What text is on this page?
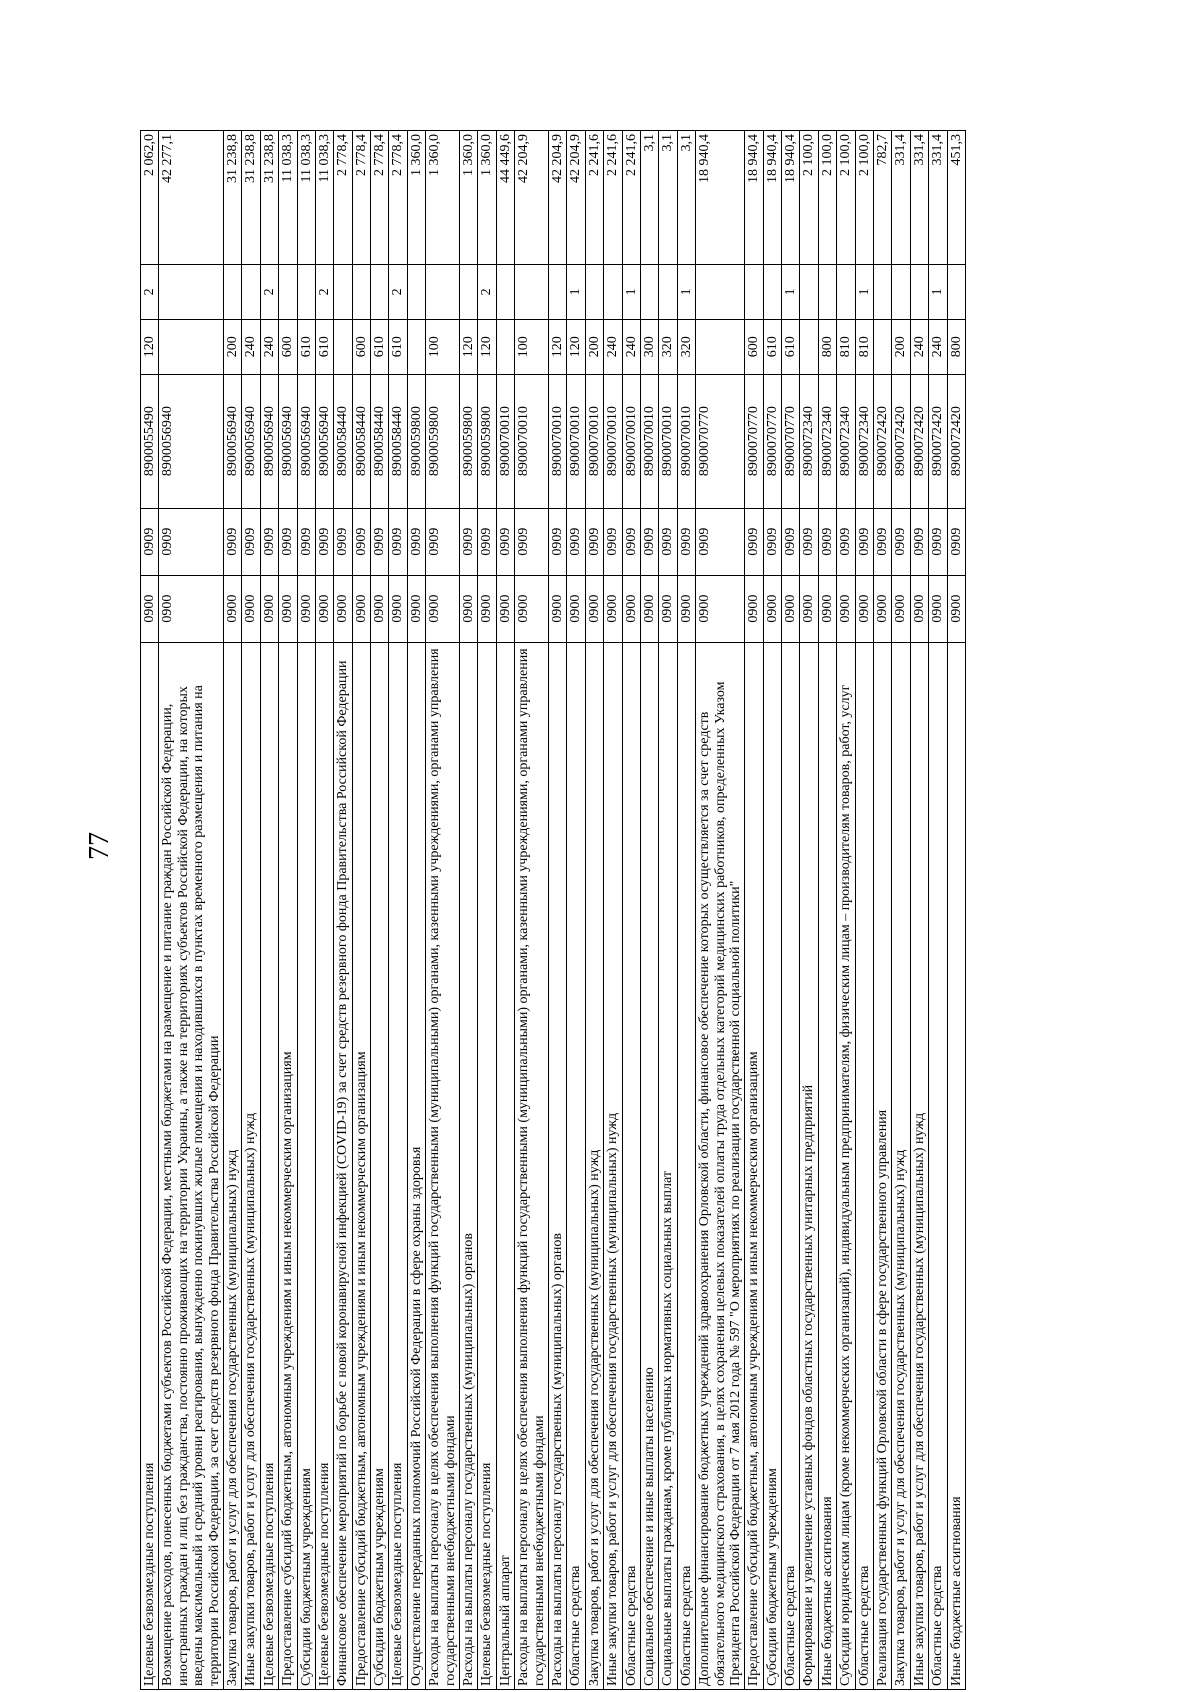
77
Целевые безвозмездные поступления	0900	0909	8900055490	120	2	2 062,0
Возмещение расходов, понесенных бюджетами субъектов Российской Федерации, местными бюджетами на размещение и питание граждан Российской Федерации, иностранных граждан и лиц без гражданства, постоянно проживающих на территории Украины, а также на территориях субъектов Российской Федерации, на которых введены максимальный и средний уровни реагирования, вынужденно покинувших жилые помещения и находившихся в пунктах временного размещения и питания на территории Российской Федерации, за счет средств резервного фонда Правительства Российской Федерации	0900	0909	8900056940			42 277,1
Закупка товаров, работ и услуг для обеспечения государственных (муниципальных) нужд	0900	0909	8900056940	200		31 238,8
Иные закупки товаров, работ и услуг для обеспечения государственных (муниципальных) нужд	0900	0909	8900056940	240		31 238,8
Целевые безвозмездные поступления	0900	0909	8900056940	240	2	31 238,8
Предоставление субсидий бюджетным, автономным учреждениям и иным некоммерческим организациям	0900	0909	8900056940	600		11 038,3
Субсидии бюджетным учреждениям	0900	0909	8900056940	610		11 038,3
Целевые безвозмездные поступления	0900	0909	8900056940	610	2	11 038,3
Финансовое обеспечение мероприятий по борьбе с новой коронавирусной инфекцией (COVID-19) за счет средств резервного фонда Правительства Российской Федерации	0900	0909	8900058440			2 778,4
Предоставление субсидий бюджетным, автономным учреждениям и иным некоммерческим организациям	0900	0909	8900058440	600		2 778,4
Субсидии бюджетным учреждениям	0900	0909	8900058440	610		2 778,4
Целевые безвозмездные поступления	0900	0909	8900058440	610	2	2 778,4
Осуществление переданных полномочий Российской Федерации в сфере охраны здоровья	0900	0909	8900059800			1 360,0
Расходы на выплаты персоналу в целях обеспечения выполнения функций государственными (муниципальными) органами, казенными учреждениями, органами управления государственными внебюджетными фондами	0900	0909	8900059800	100		1 360,0
Расходы на выплаты персоналу государственных (муниципальных) органов	0900	0909	8900059800	120		1 360,0
Целевые безвозмездные поступления	0900	0909	8900059800	120	2	1 360,0
Центральный аппарат	0900	0909	8900070010			44 449,6
Расходы на выплаты персоналу в целях обеспечения выполнения функций государственными (муниципальными) органами, казенными учреждениями, органами управления государственными внебюджетными фондами	0900	0909	8900070010	100		42 204,9
Расходы на выплаты персоналу государственных (муниципальных) органов	0900	0909	8900070010	120		42 204,9
Областные средства	0900	0909	8900070010	120	1	42 204,9
Закупка товаров, работ и услуг для обеспечения государственных (муниципальных) нужд	0900	0909	8900070010	200		2 241,6
Иные закупки товаров, работ и услуг для обеспечения государственных (муниципальных) нужд	0900	0909	8900070010	240		2 241,6
Областные средства	0900	0909	8900070010	240	1	2 241,6
Социальное обеспечение и иные выплаты населению	0900	0909	8900070010	300		3,1
Социальные выплаты гражданам, кроме публичных нормативных социальных выплат	0900	0909	8900070010	320		3,1
Областные средства	0900	0909	8900070010	320	1	3,1
Дополнительное финансирование бюджетных учреждений здравоохранения Орловской области, финансовое обеспечение которых осуществляется за счет средств обязательного медицинского страхования, в целях сохранения целевых показателей оплаты труда отдельных категорий медицинских работников, определенных Указом Президента Российской Федерации от 7 мая 2012 года № 597 "О мероприятиях по реализации государственной социальной политики"	0900	0909	8900070770			18 940,4
Предоставление субсидий бюджетным, автономным учреждениям и иным некоммерческим организациям	0900	0909	8900070770	600		18 940,4
Субсидии бюджетным учреждениям	0900	0909	8900070770	610		18 940,4
Областные средства	0900	0909	8900070770	610	1	18 940,4
Формирование и увеличение уставных фондов областных государственных унитарных предприятий	0900	0909	8900072340			2 100,0
Иные бюджетные ассигнования	0900	0909	8900072340	800		2 100,0
Субсидии юридическим лицам (кроме некоммерческих организаций), индивидуальным предпринимателям, физическим лицам – производителям товаров, работ, услуг	0900	0909	8900072340	810		2 100,0
Областные средства	0900	0909	8900072340	810	1	2 100,0
Реализация государственных функций Орловской области в сфере государственного управления	0900	0909	8900072420			782,7
Закупка товаров, работ и услуг для обеспечения государственных (муниципальных) нужд	0900	0909	8900072420	200		331,4
Иные закупки товаров, работ и услуг для обеспечения государственных (муниципальных) нужд	0900	0909	8900072420	240		331,4
Областные средства	0900	0909	8900072420	240	1	331,4
Иные бюджетные ассигнования	0900	0909	8900072420	800		451,3
